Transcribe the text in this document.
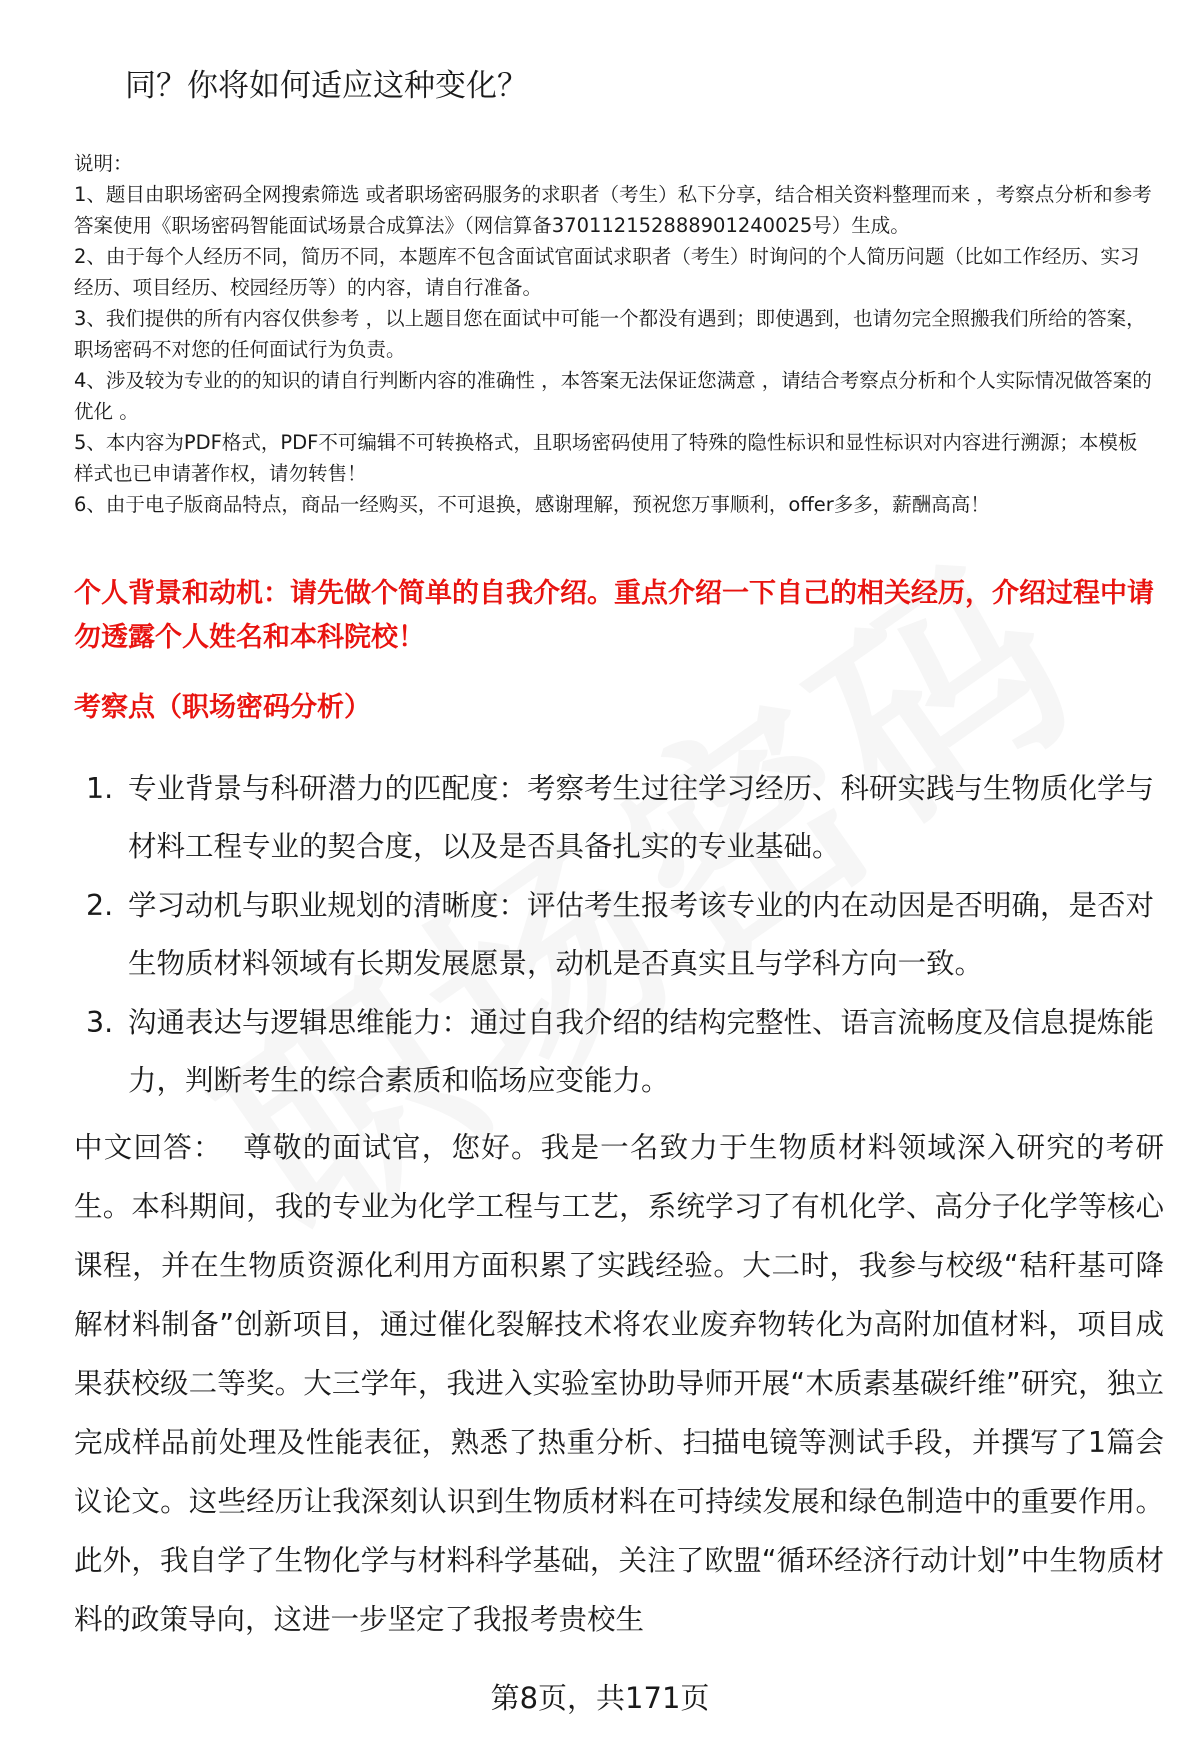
同？你将如何适应这种变化？

说明：

1、题目由职场密码全网搜索筛选 或者职场密码服务的求职者（考生）私下分享，结合相关资料整理而来 ，考察点分析和参考答案使用《职场密码智能面试场景合成算法》（网信算备370112152888901240025号）生成。

2、由于每个人经历不同，简历不同，本题库不包含面试官面试求职者（考生）时询问的个人简历问题（比如工作经历、实习经历、项目经历、校园经历等）的内容，请自行准备。

3、我们提供的所有内容仅供参考 ，以上题目您在面试中可能一个都没有遇到；即使遇到，也请勿完全照搬我们所给的答案，职场密码不对您的任何面试行为负责。

4、涉及较为专业的的知识的请自行判断内容的准确性 ，本答案无法保证您满意 ，请结合考察点分析和个人实际情况做答案的优化 。

5、本内容为PDF格式，PDF不可编辑不可转换格式，且职场密码使用了特殊的隐性标识和显性标识对内容进行溯源；本模板样式也已申请著作权，请勿转售！

6、由于电子版商品特点，商品一经购买，不可退换，感谢理解，预祝您万事顺利，offer多多，薪酬高高！

个人背景和动机：请先做个简单的自我介绍。重点介绍一下自己的相关经历，介绍过程中请勿透露个人姓名和本科院校！
考察点（职场密码分析）
1. 专业背景与科研潜力的匹配度：考察考生过往学习经历、科研实践与生物质化学与材料工程专业的契合度，以及是否具备扎实的专业基础。
2. 学习动机与职业规划的清晰度：评估考生报考该专业的内在动因是否明确，是否对生物质材料领域有长期发展愿景，动机是否真实且与学科方向一致。
3. 沟通表达与逻辑思维能力：通过自我介绍的结构完整性、语言流畅度及信息提炼能力，判断考生的综合素质和临场应变能力。

中文回答： 尊敬的面试官，您好。我是一名致力于生物质材料领域深入研究的考研生。本科期间，我的专业为化学工程与工艺，系统学习了有机化学、高分子化学等核心课程，并在生物质资源化利用方面积累了实践经验。大二时，我参与校级“秸秆基可降解材料制备”创新项目，通过催化裂解技术将农业废弃物转化为高附加值材料，项目成果获校级二等奖。大三学年，我进入实验室协助导师开展“木质素基碳纤维”研究，独立完成样品前处理及性能表征，熟悉了热重分析、扫描电镜等测试手段，并撰写了1篇会议论文。这些经历让我深刻认识到生物质材料在可持续发展和绿色制造中的重要作用。此外，我自学了生物化学与材料科学基础，关注了欧盟“循环经济行动计划”中生物质材料的政策导向，这进一步坚定了我报考贵校生

第8页，共171页
